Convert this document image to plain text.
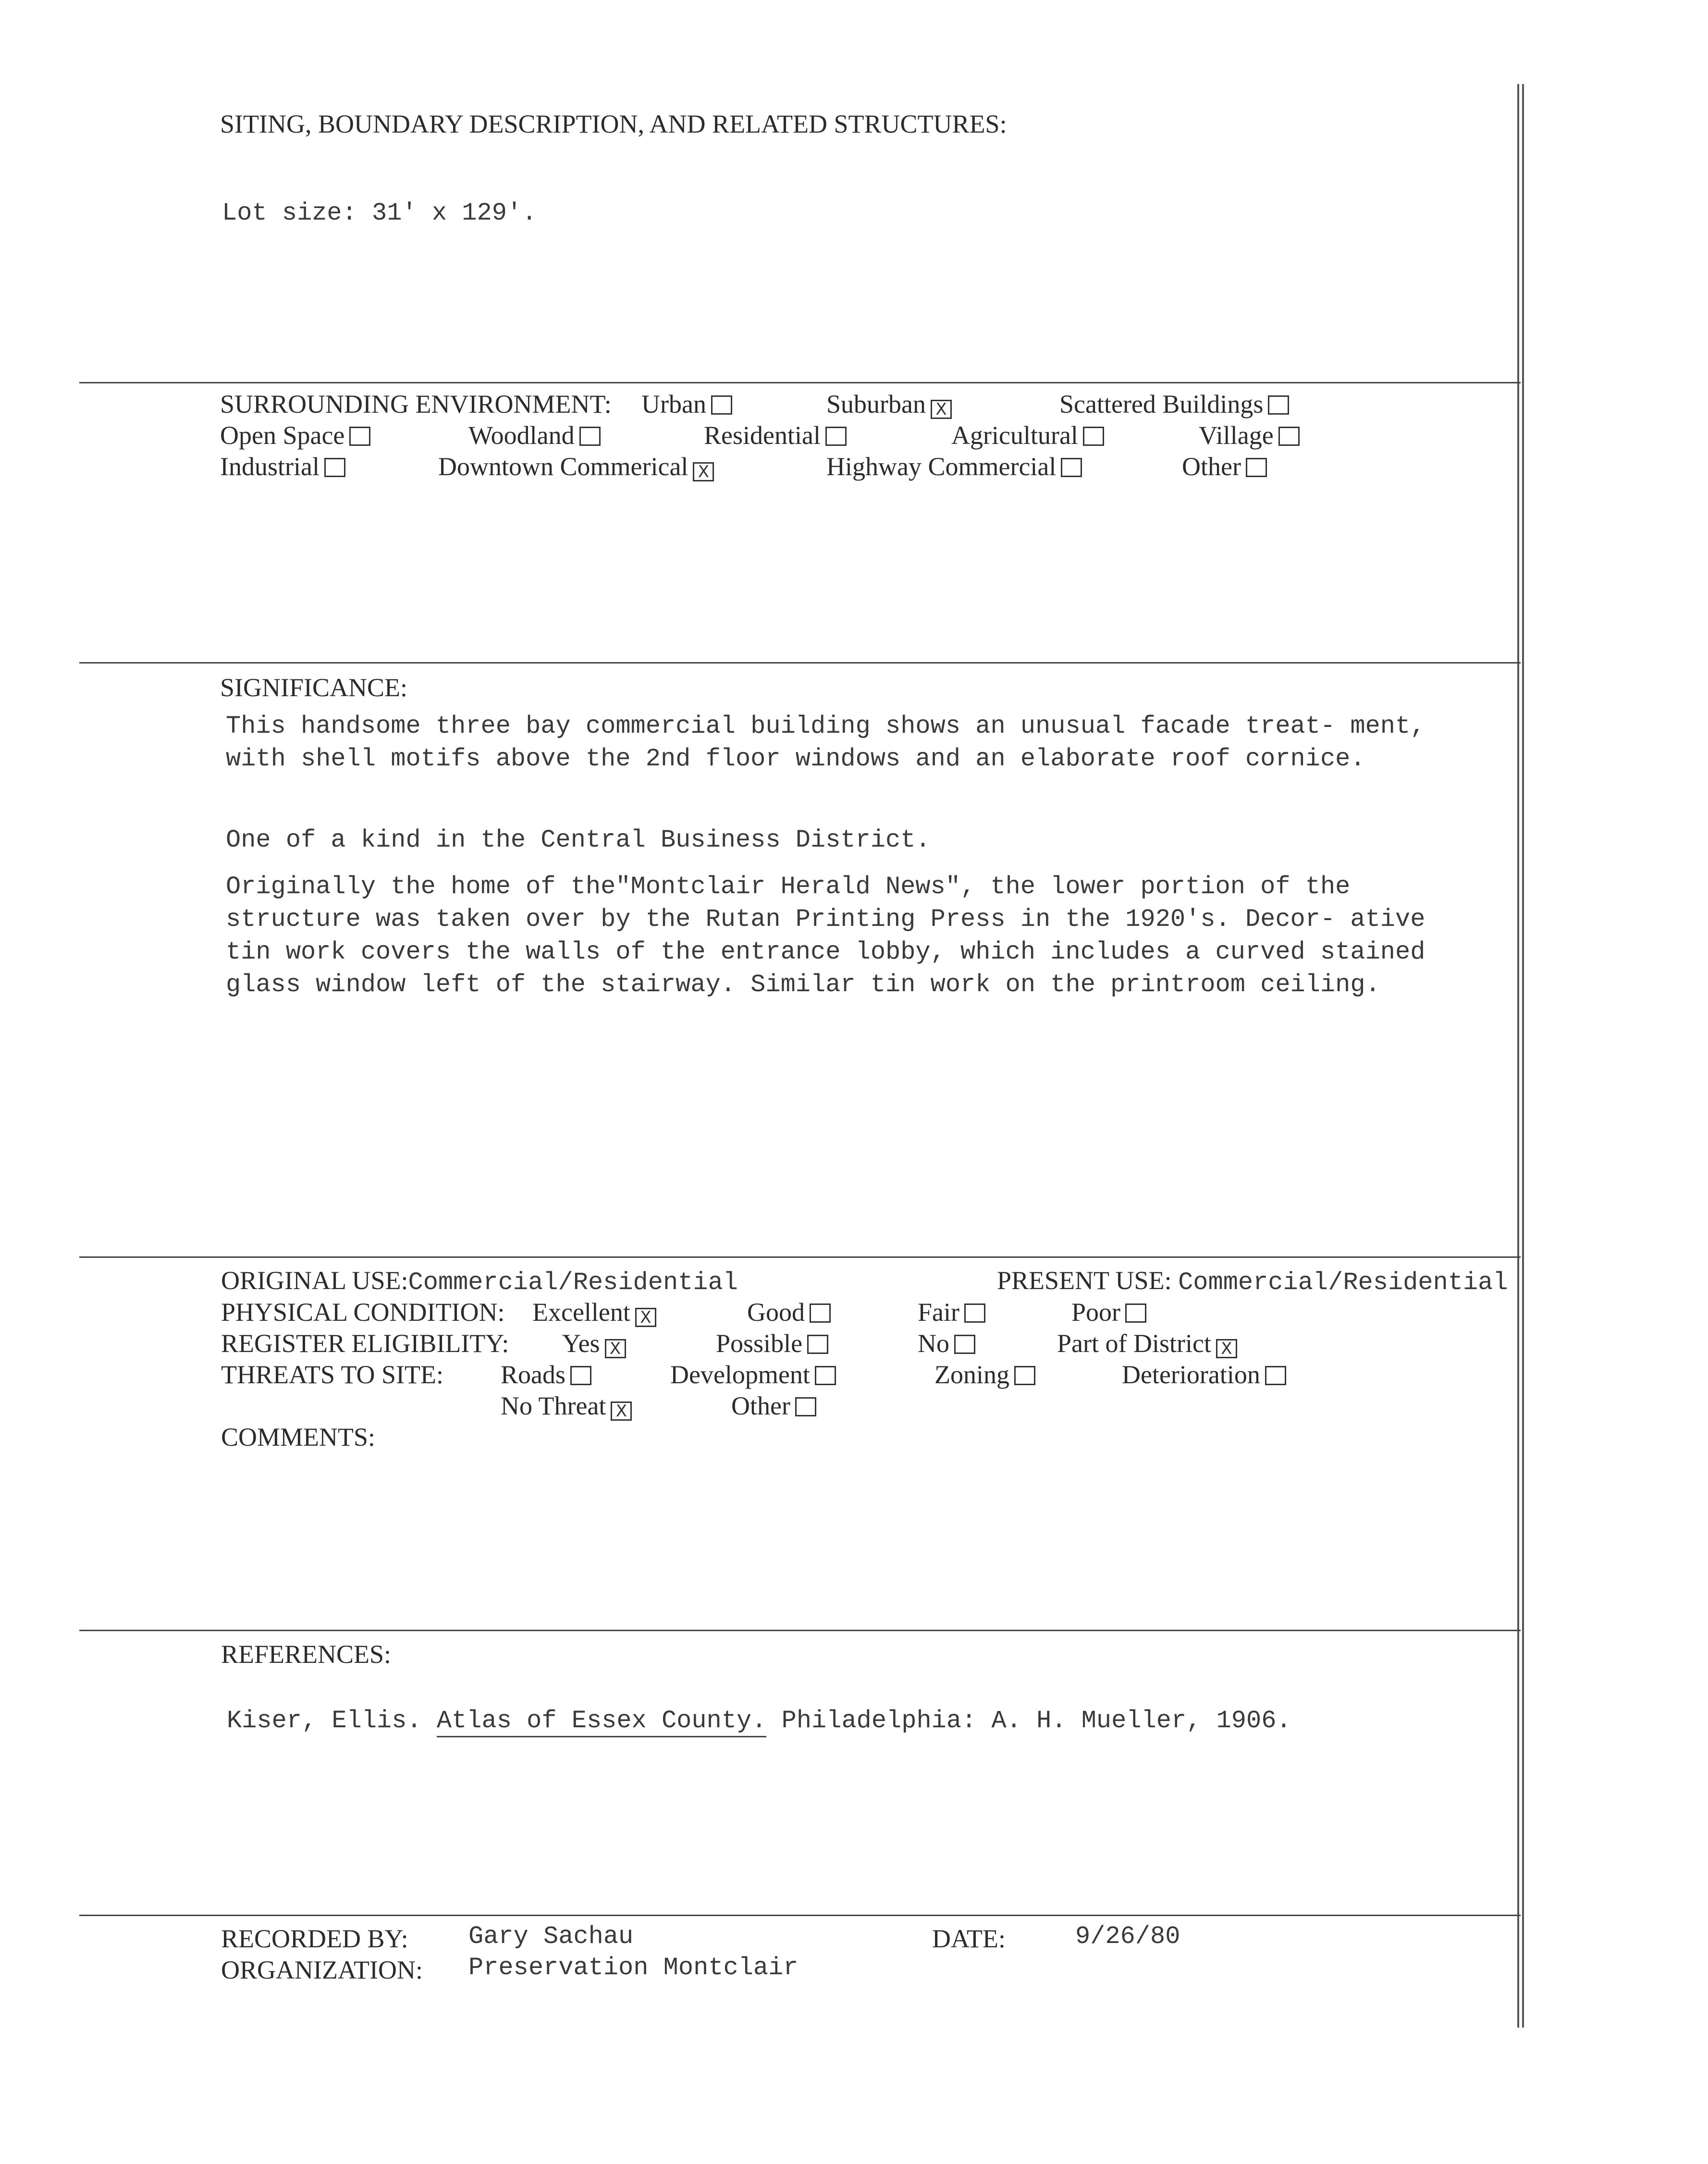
SITING, BOUNDARY DESCRIPTION, AND RELATED STRUCTURES:
Lot size: 31' x 129'.
SURROUNDING ENVIRONMENT: Urban	Suburban X	Scattered Buildings
Open Space	Woodland	Residential	Agricultural	Village
Industrial	Downtown Commerical X	Highway Commercial	Other
SIGNIFICANCE:
This handsome three bay commercial building shows an unusual facade treat- ment, with shell motifs above the 2nd floor windows and an elaborate roof cornice.
One of a kind in the Central Business District.
Originally the home of the"Montclair Herald News", the lower portion of the structure was taken over by the Rutan Printing Press in the 1920's. Decor- ative tin work covers the walls of the entrance lobby, which includes a curved stained glass window left of the stairway. Similar tin work on the printroom ceiling.
ORIGINAL USE:Commercial/Residential	PRESENT USE: Commercial/Residential
PHYSICAL CONDITION: Excellent X	Good	Fair	Poor
REGISTER ELIGIBILITY: Yes X	Possible	No	Part of District X
THREATS TO SITE: Roads	Development	Zoning	Deterioration
No Threat X	Other
COMMENTS:
REFERENCES:
Kiser, Ellis. Atlas of Essex County. Philadelphia: A. H. Mueller, 1906.
RECORDED BY: Gary Sachau	DATE:	9/26/80
ORGANIZATION: Preservation Montclair
